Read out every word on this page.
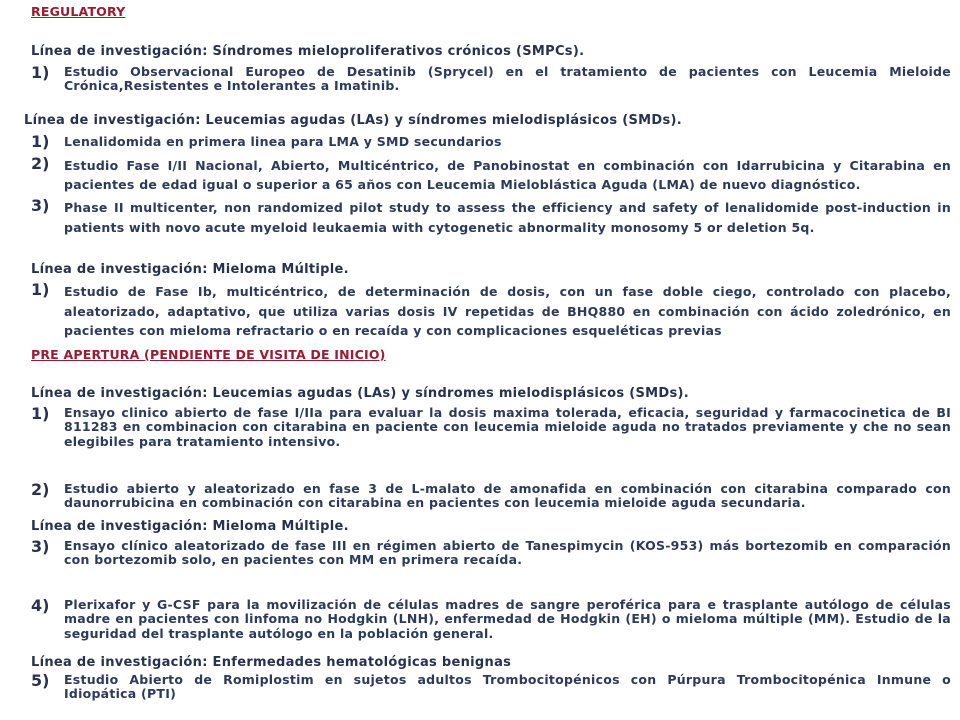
REGULATORY
Línea de investigación: Síndromes mieloproliferativos crónicos (SMPCs).
1) Estudio Observacional Europeo de Desatinib (Sprycel) en el tratamiento de pacientes con Leucemia Mieloide Crónica,Resistentes e Intolerantes a Imatinib.
Línea de investigación: Leucemias agudas (LAs) y síndromes mielodisplásicos (SMDs).
1) Lenalidomida en primera linea para LMA y SMD secundarios
2) Estudio Fase I/II Nacional, Abierto, Multicéntrico, de Panobinostat en combinación con Idarrubicina y Citarabina en pacientes de edad igual o superior a 65 años con Leucemia Mieloblástica Aguda (LMA) de nuevo diagnóstico.
3) Phase II multicenter, non randomized pilot study to assess the efficiency and safety of lenalidomide post-induction in patients with novo acute myeloid leukaemia with cytogenetic abnormality monosomy 5 or deletion 5q.
Línea de investigación: Mieloma Múltiple.
1) Estudio de Fase Ib, multicéntrico, de determinación de dosis, con un fase doble ciego, controlado con placebo, aleatorizado, adaptativo, que utiliza varias dosis IV repetidas de BHQ880 en combinación con ácido zoledrónico, en pacientes con mieloma refractario o en recaída y con complicaciones esqueléticas previas
PRE APERTURA (PENDIENTE DE VISITA DE INICIO)
Línea de investigación: Leucemias agudas (LAs) y síndromes mielodisplásicos (SMDs).
1) Ensayo clinico abierto de fase I/IIa para evaluar la dosis maxima tolerada, eficacia, seguridad y farmacocinetica de BI 811283 en combinacion con citarabina en paciente con leucemia mieloide aguda no tratados previamente y che no sean elegibiles para tratamiento intensivo.
2) Estudio abierto y aleatorizado en fase 3 de L-malato de amonafida en combinación con citarabina comparado con daunorrubicina en combinación con citarabina en pacientes con leucemia mieloide aguda secundaria.
Línea de investigación: Mieloma Múltiple.
3) Ensayo clínico aleatorizado de fase III en régimen abierto de Tanespimycin (KOS-953) más bortezomib en comparación con bortezomib solo, en pacientes con MM en primera recaída.
4) Plerixafor y G-CSF para la movilización de células madres de sangre peroférica para e trasplante autólogo de células madre en pacientes con linfoma no Hodgkin (LNH), enfermedad de Hodgkin (EH) o mieloma múltiple (MM). Estudio de la seguridad del trasplante autólogo en la población general.
Línea de investigación: Enfermedades hematológicas benignas
5) Estudio Abierto de Romiplostim en sujetos adultos Trombocitopénicos con Púrpura Trombocitopénica Inmune o Idiopática (PTI)
